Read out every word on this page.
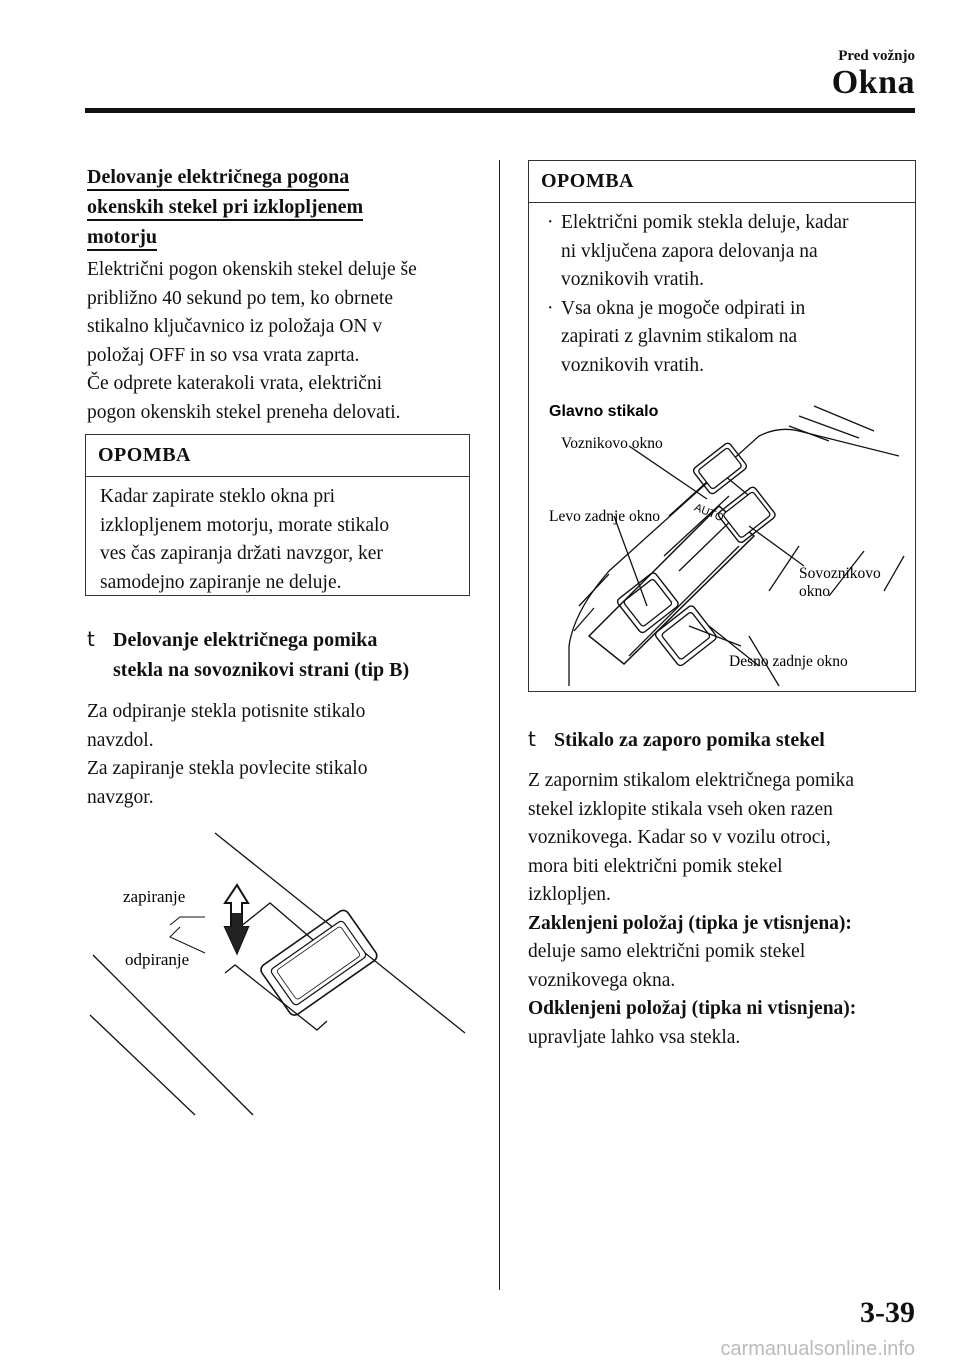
Pred vožnjo
Okna
Delovanje električnega pogona
okenskih stekel pri izklopljenem
motorju
Električni pogon okenskih stekel deluje še
približno 40 sekund po tem, ko obrnete
stikalno ključavnico iz položaja ON v
položaj OFF in so vsa vrata zaprta.
Če odprete katerakoli vrata, električni
pogon okenskih stekel preneha delovati.
OPOMBA
Kadar zapirate steklo okna pri
izklopljenem motorju, morate stikalo
ves čas zapiranja držati navzgor, ker
samodejno zapiranje ne deluje.
t Delovanje električnega pomika
stekla na sovoznikovi strani (tip B)
Za odpiranje stekla potisnite stikalo
navzdol.
Za zapiranje stekla povlecite stikalo
navzgor.
zapiranje
odpiranje
OPOMBA
· Električni pomik stekla deluje, kadar
ni vključena zapora delovanja na
voznikovih vratih.
· Vsa okna je mogoče odpirati in
zapirati z glavnim stikalom na
voznikovih vratih.
Glavno stikalo
AUTO
Voznikovo okno
Levo zadnje okno
Sovoznikovo
okno
Desno zadnje okno
t Stikalo za zaporo pomika stekel
Z zapornim stikalom električnega pomika
stekel izklopite stikala vseh oken razen
voznikovega. Kadar so v vozilu otroci,
mora biti električni pomik stekel
izklopljen.
Zaklenjeni položaj (tipka je vtisnjena):
deluje samo električni pomik stekel
voznikovega okna.
Odklenjeni položaj (tipka ni vtisnjena):
upravljate lahko vsa stekla.
3-39
carmanualsonline.info
